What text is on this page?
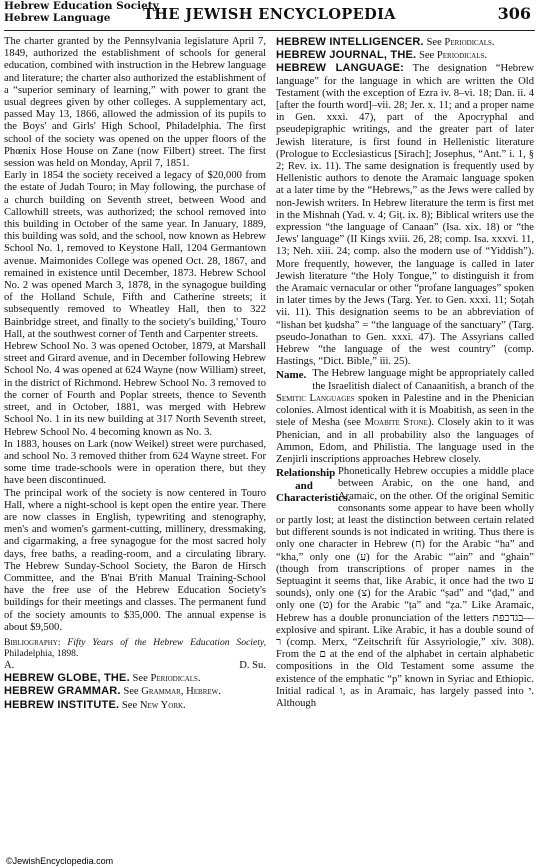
Hebrew Education Society
Hebrew Language	THE JEWISH ENCYCLOPEDIA	306

The charter granted by the Pennsylvania legislature April 7, 1849, authorized the establishment of schools for general education, combined with instruction in the Hebrew language and literature; the charter also authorized the establishment of a “superior seminary of learning,” with power to grant the usual degrees given by other colleges. A supplementary act, passed May 13, 1866, allowed the admission of its pupils to the Boys' and Girls' High School, Philadelphia. The first school of the society was opened on the upper floors of the Phœnix Hose House on Zane (now Filbert) street. The first session was held on Monday, April 7, 1851.

Early in 1854 the society received a legacy of $20,000 from the estate of Judah Touro; in May following, the purchase of a church building on Seventh street, between Wood and Callowhill streets, was authorized; the school removed into this building in October of the same year. In January, 1889, this building was sold, and the school, now known as Hebrew School No. 1, removed to Keystone Hall, 1204 Germantown avenue. Maimonides College was opened Oct. 28, 1867, and remained in existence until December, 1873. Hebrew School No. 2 was opened March 3, 1878, in the synagogue building of the Holland Schule, Fifth and Catherine streets; it subsequently removed to Wheatley Hall, then to 322 Bainbridge street, and finally to the society's building,' Touro Hall, at the southwest corner of Tenth and Carpenter streets.

Hebrew School No. 3 was opened October, 1879, at Marshall street and Girard avenue, and in December following Hebrew School No. 4 was opened at 624 Wayne (now William) street, in the district of Richmond. Hebrew School No. 3 removed to the corner of Fourth and Poplar streets, thence to Seventh street, and in October, 1881, was merged with Hebrew School No. 1 in its new building at 317 North Seventh street, Hebrew School No. 4 becoming known as No. 3.

In 1883, houses on Lark (now Weikel) street were purchased, and school No. 3 removed thither from 624 Wayne street. For some time trade-schools were in operation there, but they have been discontinued.

The principal work of the society is now centered in Touro Hall, where a night-school is kept open the entire year. There are now classes in English, typewriting and stenography, men's and women's garment-cutting, millinery, dressmaking, and cigarmaking, a free synagogue for the most sacred holy days, free baths, a reading-room, and a circulating library. The Hebrew Sunday-School Society, the Baron de Hirsch Committee, and the B'nai B'rith Manual Training-School have the free use of the Hebrew Education Society's buildings for their meetings and classes. The permanent fund of the society amounts to $35,000. The annual expense is about $9,500.

Bibliography: Fifty Years of the Hebrew Education Society, Philadelphia, 1898.

A.	D. Su.

HEBREW GLOBE, THE. See Periodicals.

HEBREW GRAMMAR. See Grammar, Hebrew.

HEBREW INSTITUTE. See New York.

HEBREW INTELLIGENCER. See Periodicals.

HEBREW JOURNAL, THE. See Periodicals.

HEBREW LANGUAGE: The designation “Hebrew language” for the language in which are written the Old Testament (with the exception of Ezra iv. 8–vi. 18; Dan. ii. 4 [after the fourth word]–vii. 28; Jer. x. 11; and a proper name in Gen. xxxi. 47), part of the Apocryphal and pseudepigraphic writings, and the greater part of later Jewish literature, is first found in Hellenistic literature (Prologue to Ecclesiasticus [Sirach]; Josephus, “Ant.” i. 1, § 2; Rev. ix. 11). The same designation is frequently used by Hellenistic authors to denote the Aramaic language spoken at a later time by the “Hebrews,” as the Jews were called by non-Jewish writers. In Hebrew literature the term is first met in the Mishnah (Yad. v. 4; Giṭ. ix. 8); Biblical writers use the expression “the language of Canaan” (Isa. xix. 18) or “the Jews' language” (II Kings xviii. 26, 28; comp. Isa. xxxvi. 11, 13; Neh. xiii. 24; comp. also the modern use of “Yiddish”). More frequently, however, the language is called in later Jewish literature “the Holy Tongue,” to distinguish it from the Aramaic vernacular or other “profane languages” spoken in later times by the Jews (Targ. Yer. to Gen. xxxi. 11; Soṭah vii. 11). This designation seems to be an abbreviation of “lishan bet ḳudsha” = “the language of the sanctuary” (Targ. pseudo-Jonathan to Gen. xxxi. 47). The Assyrians called Hebrew “the language of the west country” (comp. Hastings, “Dict. Bible,” iii. 25).

Name. The Hebrew language might be appropriately called the Israelitish dialect of Canaanitish, a branch of the Semitic Languages spoken in Palestine and in the Phenician colonies. Almost identical with it is Moabitish, as seen in the stele of Mesha (see Moabite Stone). Closely akin to it was Phenician, and in all probability also the languages of Ammon, Edom, and Philistia. The language used in the Zenjirli inscriptions approaches Hebrew closely.

Relationship and Characteristics.
Phonetically Hebrew occupies a middle place between Arabic, on the one hand, and Aramaic, on the other. Of the original Semitic consonants some appear to have been wholly or partly lost; at least the distinction between certain related but different sounds is not indicated in writing. Thus there is only one character in Hebrew (ח) for the Arabic “ha” and “kha,” only one (ע) for the Arabic “'ain” and “ghain” (though from transcriptions of proper names in the Septuagint it seems that, like Arabic, it once had the two ע sounds), only one (צ) for the Arabic “ṣad” and “ḍad,” and only one (ט) for the Arabic “ṭa” and “ẓa.” Like Aramaic, Hebrew has a double pronunciation of the letters בגדכפת—explosive and spirant. Like Arabic, it has a double sound of ר (comp. Merx, “Zeitschrift für Assyriologie,” xiv. 308). From the ם at the end of the alphabet in certain alphabetic compositions in the Old Testament some assume the existence of the emphatic “p” known in Syriac and Ethiopic. Initial radical ו, as in Aramaic, has largely passed into י. Although

©JewishEncyclopedia.com
